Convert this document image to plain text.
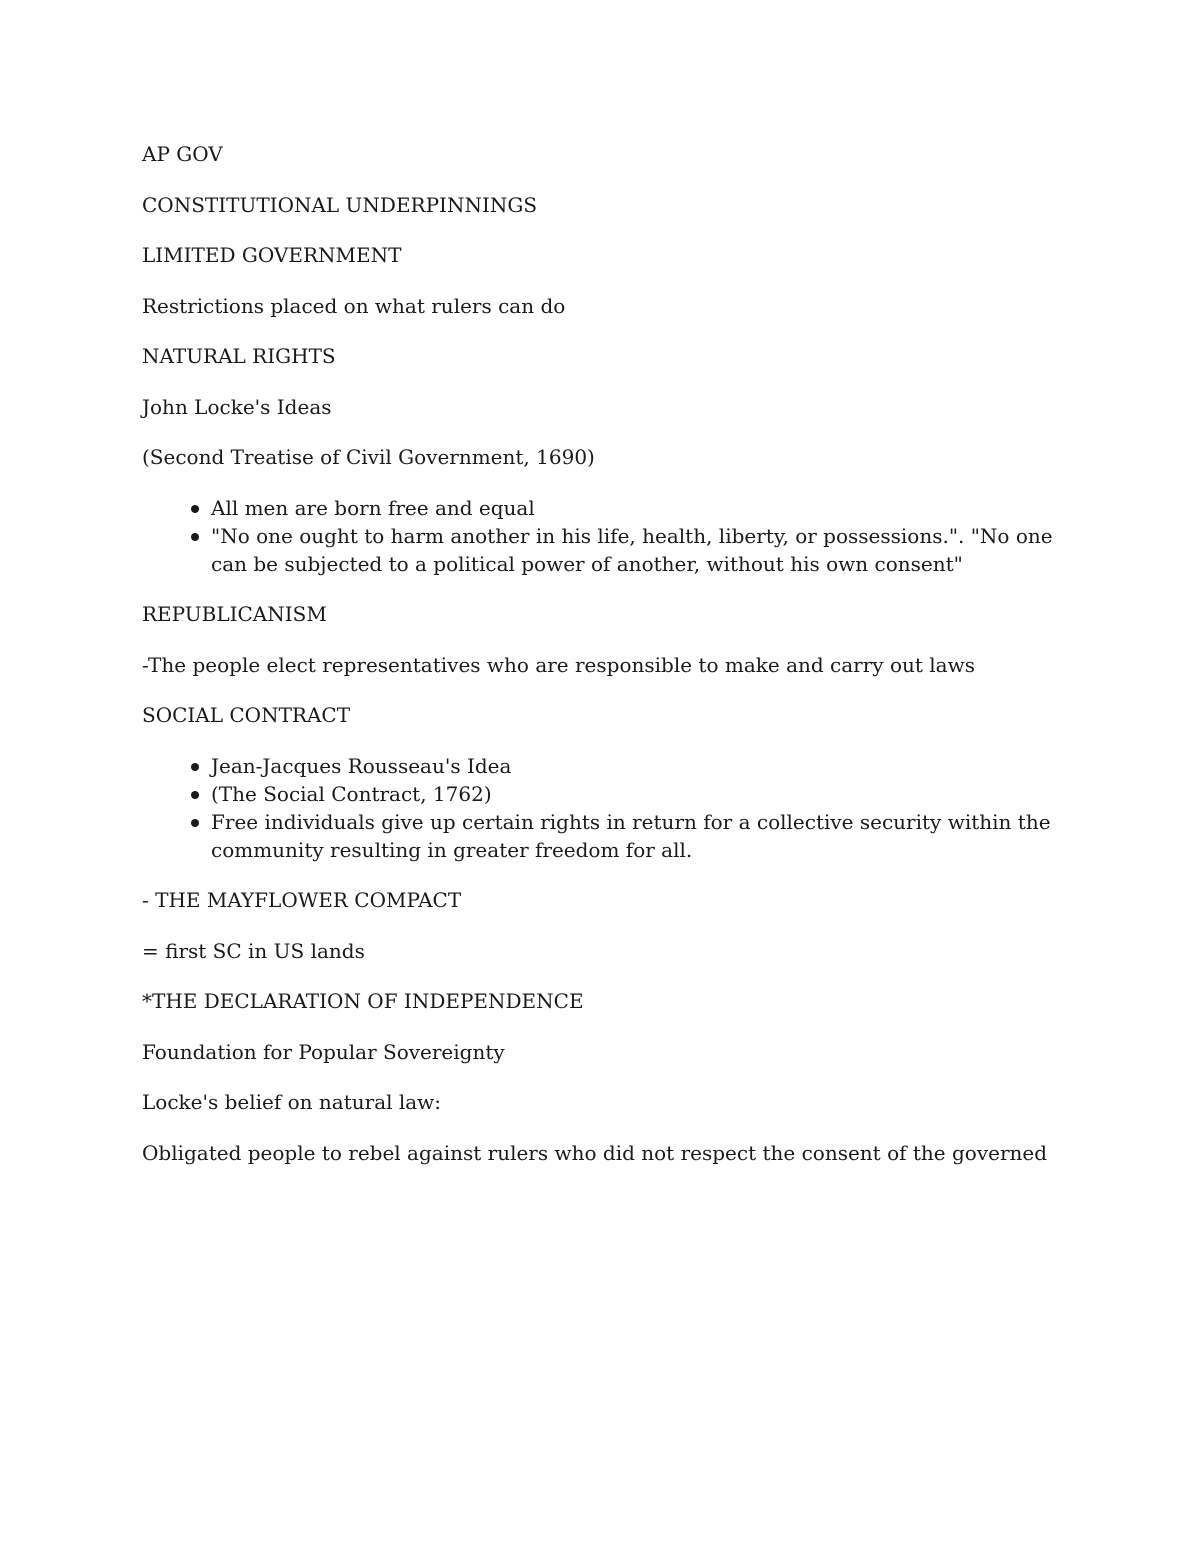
AP GOV

CONSTITUTIONAL UNDERPINNINGS

LIMITED GOVERNMENT

Restrictions placed on what rulers can do

NATURAL RIGHTS

John Locke's Ideas

(Second Treatise of Civil Government, 1690)

All men are born free and equal
"No one ought to harm another in his life, health, liberty, or possessions.". "No one can be subjected to a political power of another, without his own consent"

REPUBLICANISM

-The people elect representatives who are responsible to make and carry out laws

SOCIAL CONTRACT

Jean-Jacques Rousseau's Idea
(The Social Contract, 1762)
Free individuals give up certain rights in return for a collective security within the community resulting in greater freedom for all.

- THE MAYFLOWER COMPACT

= first SC in US lands

*THE DECLARATION OF INDEPENDENCE

Foundation for Popular Sovereignty

Locke's belief on natural law:

Obligated people to rebel against rulers who did not respect the consent of the governed
